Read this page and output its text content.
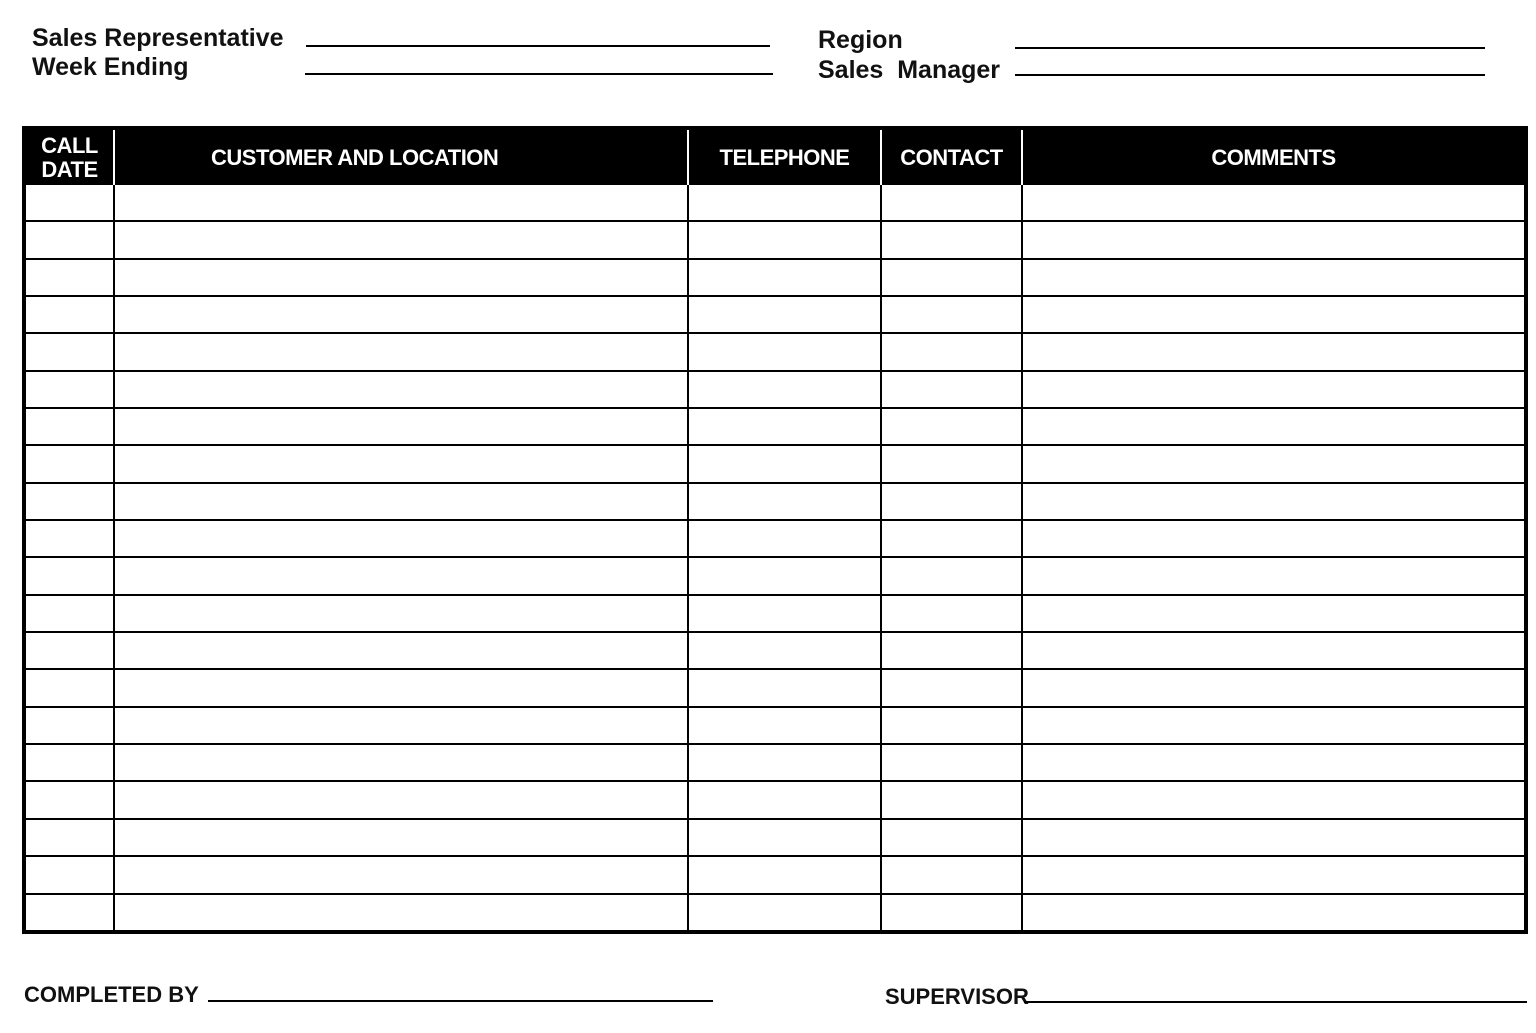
Sales Representative
Week Ending
Region
Sales  Manager
CALL DATE	CUSTOMER AND LOCATION	TELEPHONE	CONTACT	COMMENTS

COMPLETED BY	SUPERVISOR
